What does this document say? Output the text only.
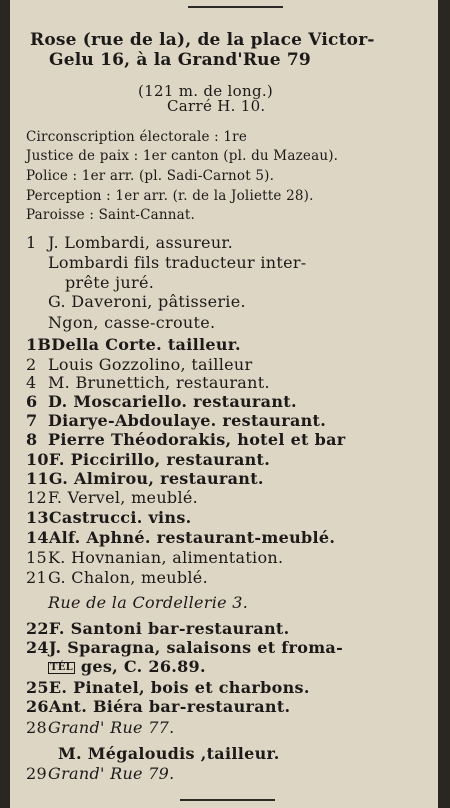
Rose (rue de la), de la place Victor-
Gelu 16, à la Grand'Rue 79
(121 m. de long.)
Carré H. 10.
Circonscription électorale : 1re
Justice de paix : 1er canton (pl. du Mazeau).
Police : 1er arr. (pl. Sadi-Carnot 5).
Perception : 1er arr. (r. de la Joliette 28).
Paroisse : Saint-Cannat.
1 J. Lombardi, assureur.
Lombardi fils traducteur inter-
prête juré.
G. Daveroni, pâtisserie.
Ngon, casse-croute.
1BDella Corte. tailleur.
2 Louis Gozzolino, tailleur
4 M. Brunettich, restaurant.
6 D. Moscariello. restaurant.
7 Diarye-Abdoulaye. restaurant.
8 Pierre Théodorakis, hotel et bar
10F. Piccirillo, restaurant.
11G. Almirou, restaurant.
12F. Vervel, meublé.
13Castrucci. vins.
14Alf. Aphné. restaurant-meublé.
15K. Hovnanian, alimentation.
21G. Chalon, meublé.
Rue de la Cordellerie 3.
22F. Santoni bar-restaurant.
24J. Sparagna, salaisons et froma-
TÉL ges, C. 26.89.
25E. Pinatel, bois et charbons.
26Ant. Biéra bar-restaurant.
28Grand' Rue 77.
M. Mégaloudis ,tailleur.
29Grand' Rue 79.
